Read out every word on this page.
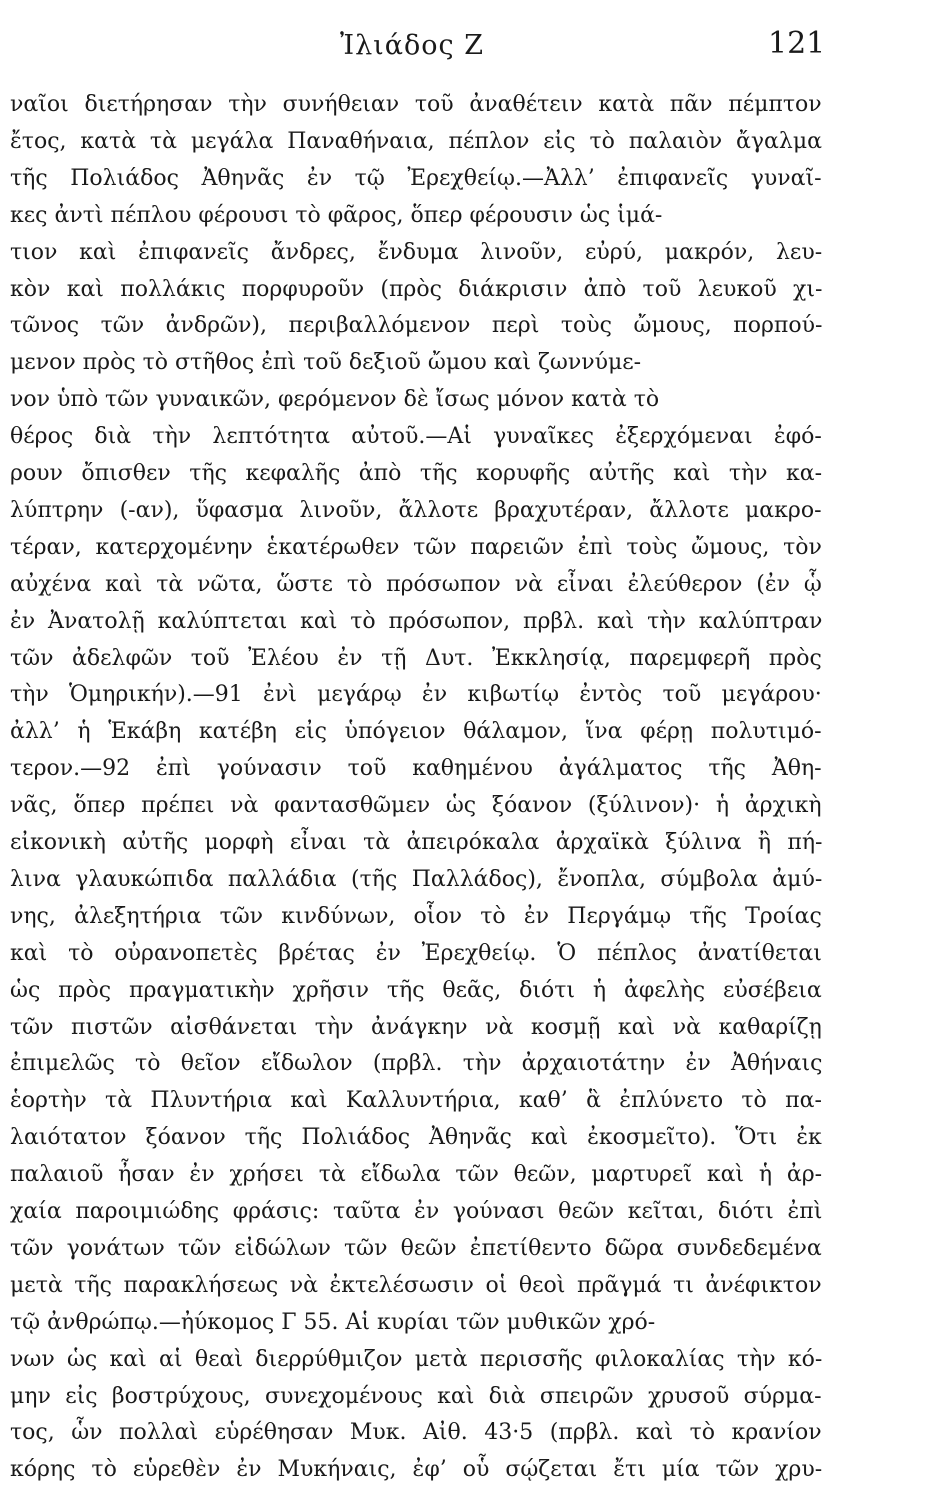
Ἰλιάδος Ζ	121
ναῖοι διετήρησαν τὴν συνήθειαν τοῦ ἀναθέτειν κατὰ πᾶν πέμπτον
ἔτος, κατὰ τὰ μεγάλα Παναθήναια, πέπλον εἰς τὸ παλαιὸν ἄγαλμα
τῆς Πολιάδος Ἀθηνᾶς ἐν τῷ Ἐρεχθείῳ.—Ἀλλ’ ἐπιφανεῖς γυναῖ-
κες ἀντὶ πέπλου φέρουσι τὸ φᾶρος, ὅπερ φέρουσιν ὡς ἱμά-
τιον καὶ ἐπιφανεῖς ἄνδρες, ἔνδυμα λινοῦν, εὐρύ, μακρόν, λευ-
κὸν καὶ πολλάκις πορφυροῦν (πρὸς διάκρισιν ἀπὸ τοῦ λευκοῦ χι-
τῶνος τῶν ἀνδρῶν), περιβαλλόμενον περὶ τοὺς ὤμους, πορπού-
μενον πρὸς τὸ στῆθος ἐπὶ τοῦ δεξιοῦ ὤμου καὶ ζωννύμε-
νον ὑπὸ τῶν γυναικῶν, φερόμενον δὲ ἴσως μόνον κατὰ τὸ
θέρος διὰ τὴν λεπτότητα αὐτοῦ.—Αἱ γυναῖκες ἐξερχόμεναι ἐφό-
ρουν ὄπισθεν τῆς κεφαλῆς ἀπὸ τῆς κορυφῆς αὐτῆς καὶ τὴν κα-
λύπτρην (-αν), ὕφασμα λινοῦν, ἄλλοτε βραχυτέραν, ἄλλοτε μακρο-
τέραν, κατερχομένην ἑκατέρωθεν τῶν παρειῶν ἐπὶ τοὺς ὤμους, τὸν
αὐχένα καὶ τὰ νῶτα, ὥστε τὸ πρόσωπον νὰ εἶναι ἐλεύθερον (ἐν ᾧ
ἐν Ἀνατολῇ καλύπτεται καὶ τὸ πρόσωπον, πρβλ. καὶ τὴν καλύπτραν
τῶν ἀδελφῶν τοῦ Ἐλέου ἐν τῇ Δυτ. Ἐκκλησίᾳ, παρεμφερῆ πρὸς
τὴν Ὁμηρικήν).—91 ἐνὶ μεγάρῳ ἐν κιβωτίῳ ἐντὸς τοῦ μεγάρου·
ἀλλ’ ἡ Ἑκάβη κατέβη εἰς ὑπόγειον θάλαμον, ἵνα φέρῃ πολυτιμό-
τερον.—92 ἐπὶ γούνασιν τοῦ καθημένου ἀγάλματος τῆς Ἀθη-
νᾶς, ὅπερ πρέπει νὰ φαντασθῶμεν ὡς ξόανον (ξύλινον)· ἡ ἀρχικὴ
εἰκονικὴ αὐτῆς μορφὴ εἶναι τὰ ἀπειρόκαλα ἀρχαϊκὰ ξύλινα ἢ πή-
λινα γλαυκώπιδα παλλάδια (τῆς Παλλάδος), ἔνοπλα, σύμβολα ἀμύ-
νης, ἀλεξητήρια τῶν κινδύνων, οἷον τὸ ἐν Περγάμῳ τῆς Τροίας
καὶ τὸ οὐρανοπετὲς βρέτας ἐν Ἐρεχθείῳ. Ὁ πέπλος ἀνατίθεται
ὡς πρὸς πραγματικὴν χρῆσιν τῆς θεᾶς, διότι ἡ ἀφελὴς εὐσέβεια
τῶν πιστῶν αἰσθάνεται τὴν ἀνάγκην νὰ κοσμῇ καὶ νὰ καθαρίζῃ
ἐπιμελῶς τὸ θεῖον εἴδωλον (πρβλ. τὴν ἀρχαιοτάτην ἐν Ἀθήναις
ἑορτὴν τὰ Πλυντήρια καὶ Καλλυντήρια, καθ’ ἃ ἐπλύνετο τὸ πα-
λαιότατον ξόανον τῆς Πολιάδος Ἀθηνᾶς καὶ ἐκοσμεῖτο). Ὅτι ἐκ
παλαιοῦ ἦσαν ἐν χρήσει τὰ εἴδωλα τῶν θεῶν, μαρτυρεῖ καὶ ἡ ἀρ-
χαία παροιμιώδης φράσις: ταῦτα ἐν γούνασι θεῶν κεῖται, διότι ἐπὶ
τῶν γονάτων τῶν εἰδώλων τῶν θεῶν ἐπετίθεντο δῶρα συνδεδεμένα
μετὰ τῆς παρακλήσεως νὰ ἐκτελέσωσιν οἱ θεοὶ πρᾶγμά τι ἀνέφικτον
τῷ ἀνθρώπῳ.—ἠύκομος Γ 55. Αἱ κυρίαι τῶν μυθικῶν χρό-
νων ὡς καὶ αἱ θεαὶ διερρύθμιζον μετὰ περισσῆς φιλοκαλίας τὴν κό-
μην εἰς βοστρύχους, συνεχομένους καὶ διὰ σπειρῶν χρυσοῦ σύρμα-
τος, ὧν πολλαὶ εὑρέθησαν Μυκ. Αἰθ. 43·5 (πρβλ. καὶ τὸ κρανίον
κόρης τὸ εὑρεθὲν ἐν Μυκήναις, ἐφ’ οὗ σῴζεται ἔτι μία τῶν χρυ-
